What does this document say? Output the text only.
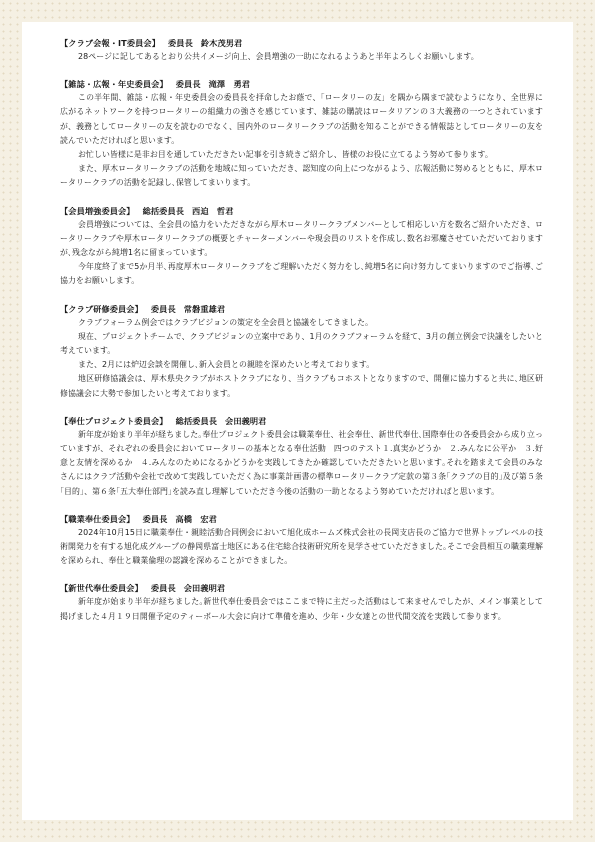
【クラブ会報・IT委員会】 委員長 鈴木茂男君

28ページに記してあるとおり公共イメージ向上、会員増強の一助になれるようあと半年よろしくお願いします。

【雑誌・広報・年史委員会】 委員長 滝澤　勇君

この半年間、雑誌・広報・年史委員会の委員長を拝命したお蔭で、「ロータリーの友」を隅から隅まで読むようになり、全世界に広がるネットワークを持つロータリーの組織力の強さを感じています、雑誌の購読はロータリアンの３大義務の一つとされていますが、義務としてロータリーの友を読むのでなく、国内外のロータリークラブの活動を知ることができる情報誌としてロータリーの友を読んでいただければと思います。

お忙しい皆様に是非お目を通していただきたい記事を引き続きご紹介し、皆様のお役に立てるよう努めて参ります。

また、厚木ロータリークラブの活動を地域に知っていただき、認知度の向上につながるよう、広報活動に努めるとともに、厚木ロータリークラブの活動を記録し､保管してまいります。

【会員増強委員会】 総括委員長 西迫　哲君

会員増強については、全会員の協力をいただきながら厚木ロータリークラブメンバーとして相応しい方を数名ご紹介いただき、ロータリークラブや厚木ロータリークラブの概要とチャーターメンバーや現会員のリストを作成し､数名お邪魔させていただいておりますが､残念ながら純増1名に留まっています。

今年度終了まで5か月半､再度厚木ロータリークラブをご理解いただく努力をし､純増5名に向け努力してまいりますのでご指導､ご協力をお願いします。

【クラブ研修委員会】 委員長 常磐重雄君

クラブフォーラム例会ではクラブビジョンの策定を全会員と協議をしてきました。

現在、プロジェクトチームで、クラブビジョンの立案中であり、1月のクラブフォーラムを経て、3月の創立例会で決議をしたいと考えています。

また、2月には炉辺会談を開催し､新入会員との親睦を深めたいと考えております。

地区研修協議会は、厚木県央クラブがホストクラブになり、当クラブもコホストとなりますので、開催に協力すると共に､地区研修協議会に大勢で参加したいと考えております。

【奉仕プロジェクト委員会】 総括委員長 会田義明君

新年度が始まり半年が経ちました｡奉仕プロジェクト委員会は職業奉仕、社会奉仕、新世代奉仕､国際奉仕の各委員会から成り立っていますが、それぞれの委員会においてロータリーの基本となる奉仕活動　四つのテスト１.真実かどうか　２.みんなに公平か　３.好意と友情を深めるか　４.みんなのためになるかどうかを実践してきたか確認していただきたいと思います｡それを踏まえて会員のみなさんにはクラブ活動や会社で改めて実践していただく為に事業計画書の標準ロータリークラブ定款の第３条｢クラブの目的｣及び第５条｢目的｣、第６条｢五大奉仕部門｣を読み直し理解していただき今後の活動の一助となるよう努めていただければと思います。

【職業奉仕委員会】 委員長 高橋　宏君

2024年10月15日に職業奉仕・親睦活動合同例会において旭化成ホームズ株式会社の長岡支店長のご協力で世界トップレベルの技術開発力を有する旭化成グループの静岡県富士地区にある住宅総合技術研究所を見学させていただきました｡そこで会員相互の職業理解を深められ、奉仕と職業倫理の認識を深めることができました。

【新世代奉仕委員会】 委員長 会田義明君

新年度が始まり半年が経ちました｡新世代奉仕委員会ではここまで特に主だった活動はして来ませんでしたが、メイン事業として掲げました４月１９日開催予定のティーボール大会に向けて準備を進め、少年・少女達との世代間交流を実践して参ります。
